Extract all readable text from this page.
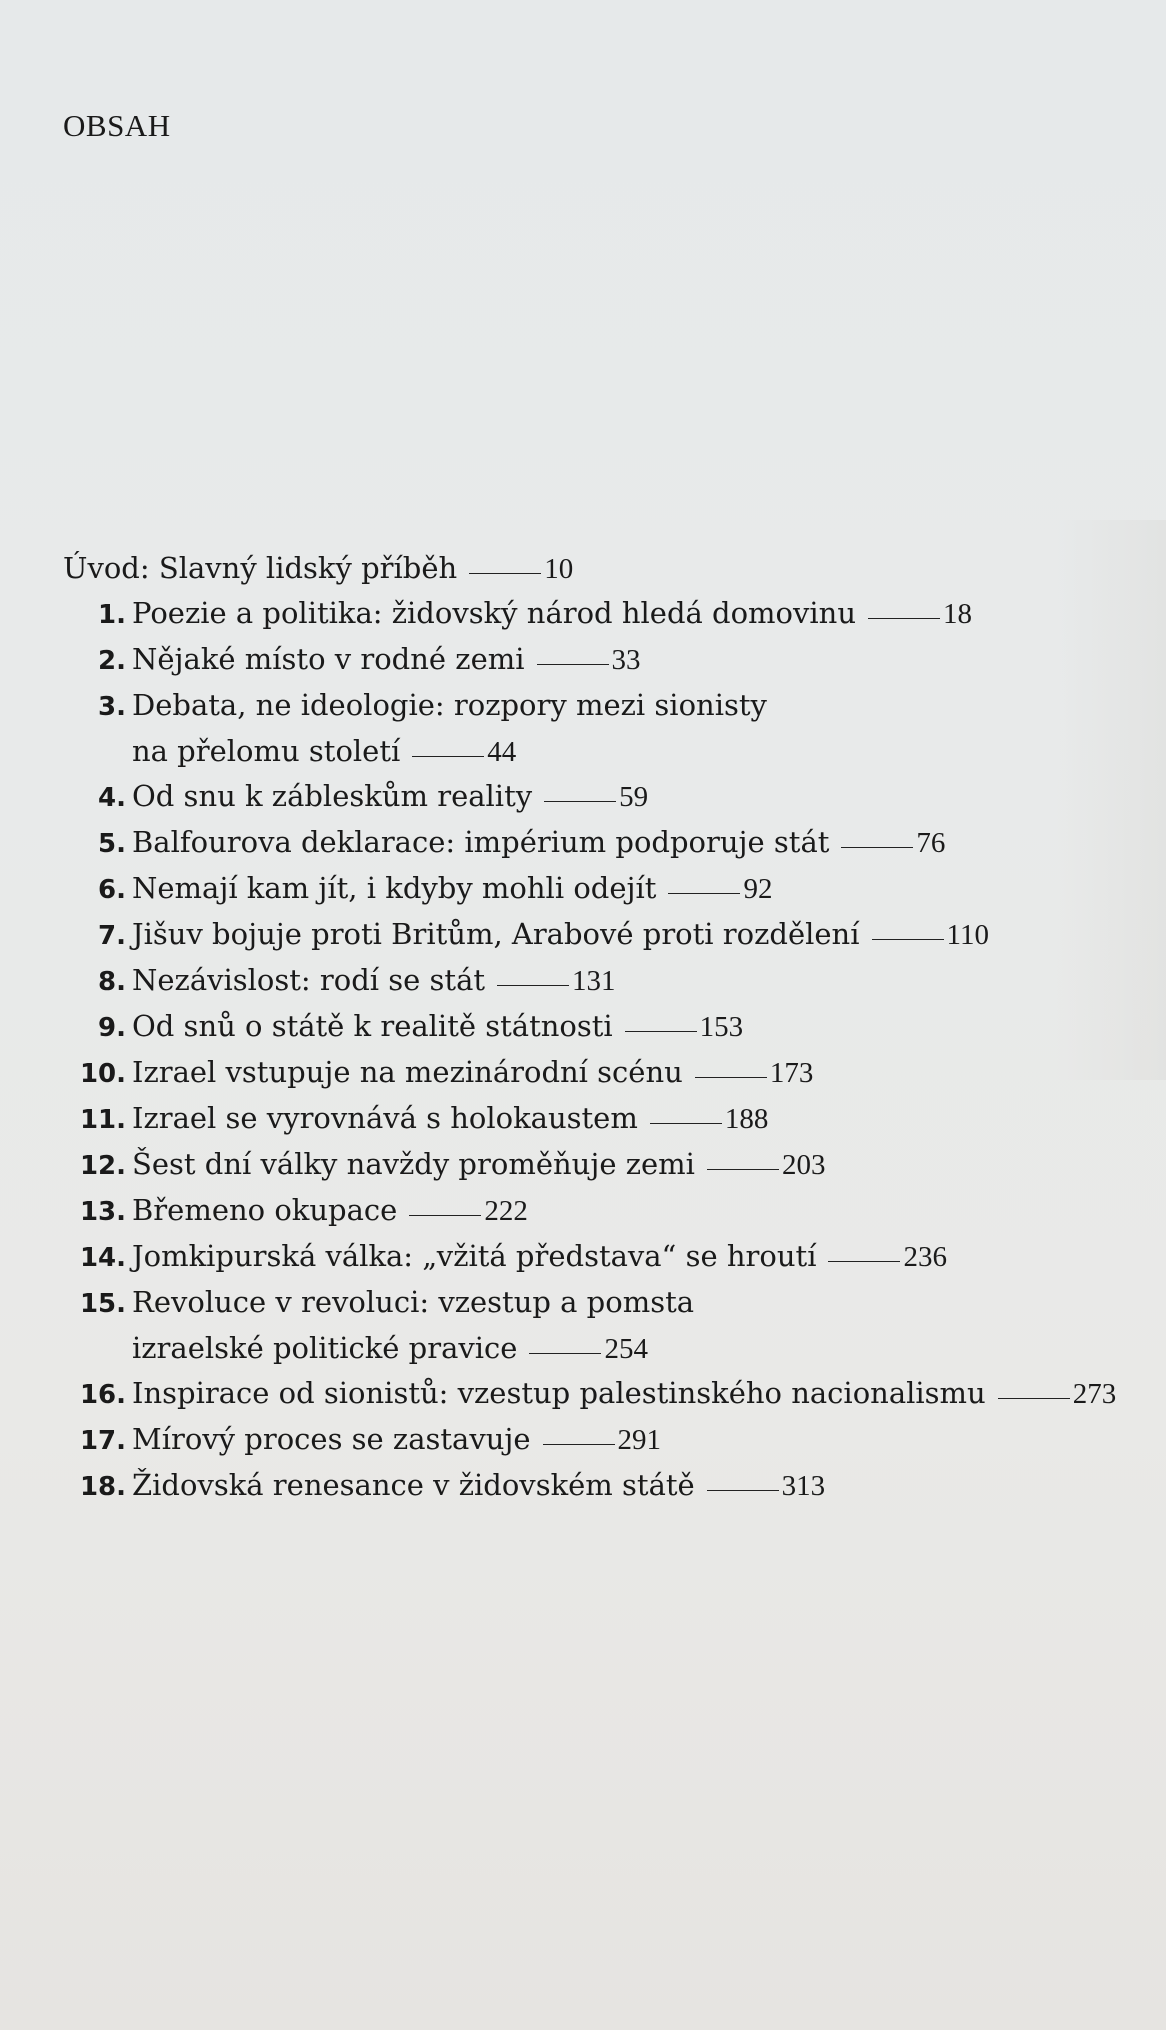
OBSAH
Úvod: Slavný lidský příběh	10
1. Poezie a politika: židovský národ hledá domovinu	18
2. Nějaké místo v rodné zemi	33
3. Debata, ne ideologie: rozpory mezi sionisty
na přelomu století	44
4. Od snu k zábleskům reality	59
5. Balfourova deklarace: impérium podporuje stát	76
6. Nemají kam jít, i kdyby mohli odejít	92
7. Jišuv bojuje proti Britům, Arabové proti rozdělení	110
8. Nezávislost: rodí se stát	131
9. Od snů o státě k realitě státnosti	153
10. Izrael vstupuje na mezinárodní scénu	173
11. Izrael se vyrovnává s holokaustem	188
12. Šest dní války navždy proměňuje zemi	203
13. Břemeno okupace	222
14. Jomkipurská válka: „vžitá představa“ se hroutí	236
15. Revoluce v revoluci: vzestup a pomsta
izraelské politické pravice	254
16. Inspirace od sionistů: vzestup palestinského nacionalismu	273
17. Mírový proces se zastavuje	291
18. Židovská renesance v židovském státě	313
